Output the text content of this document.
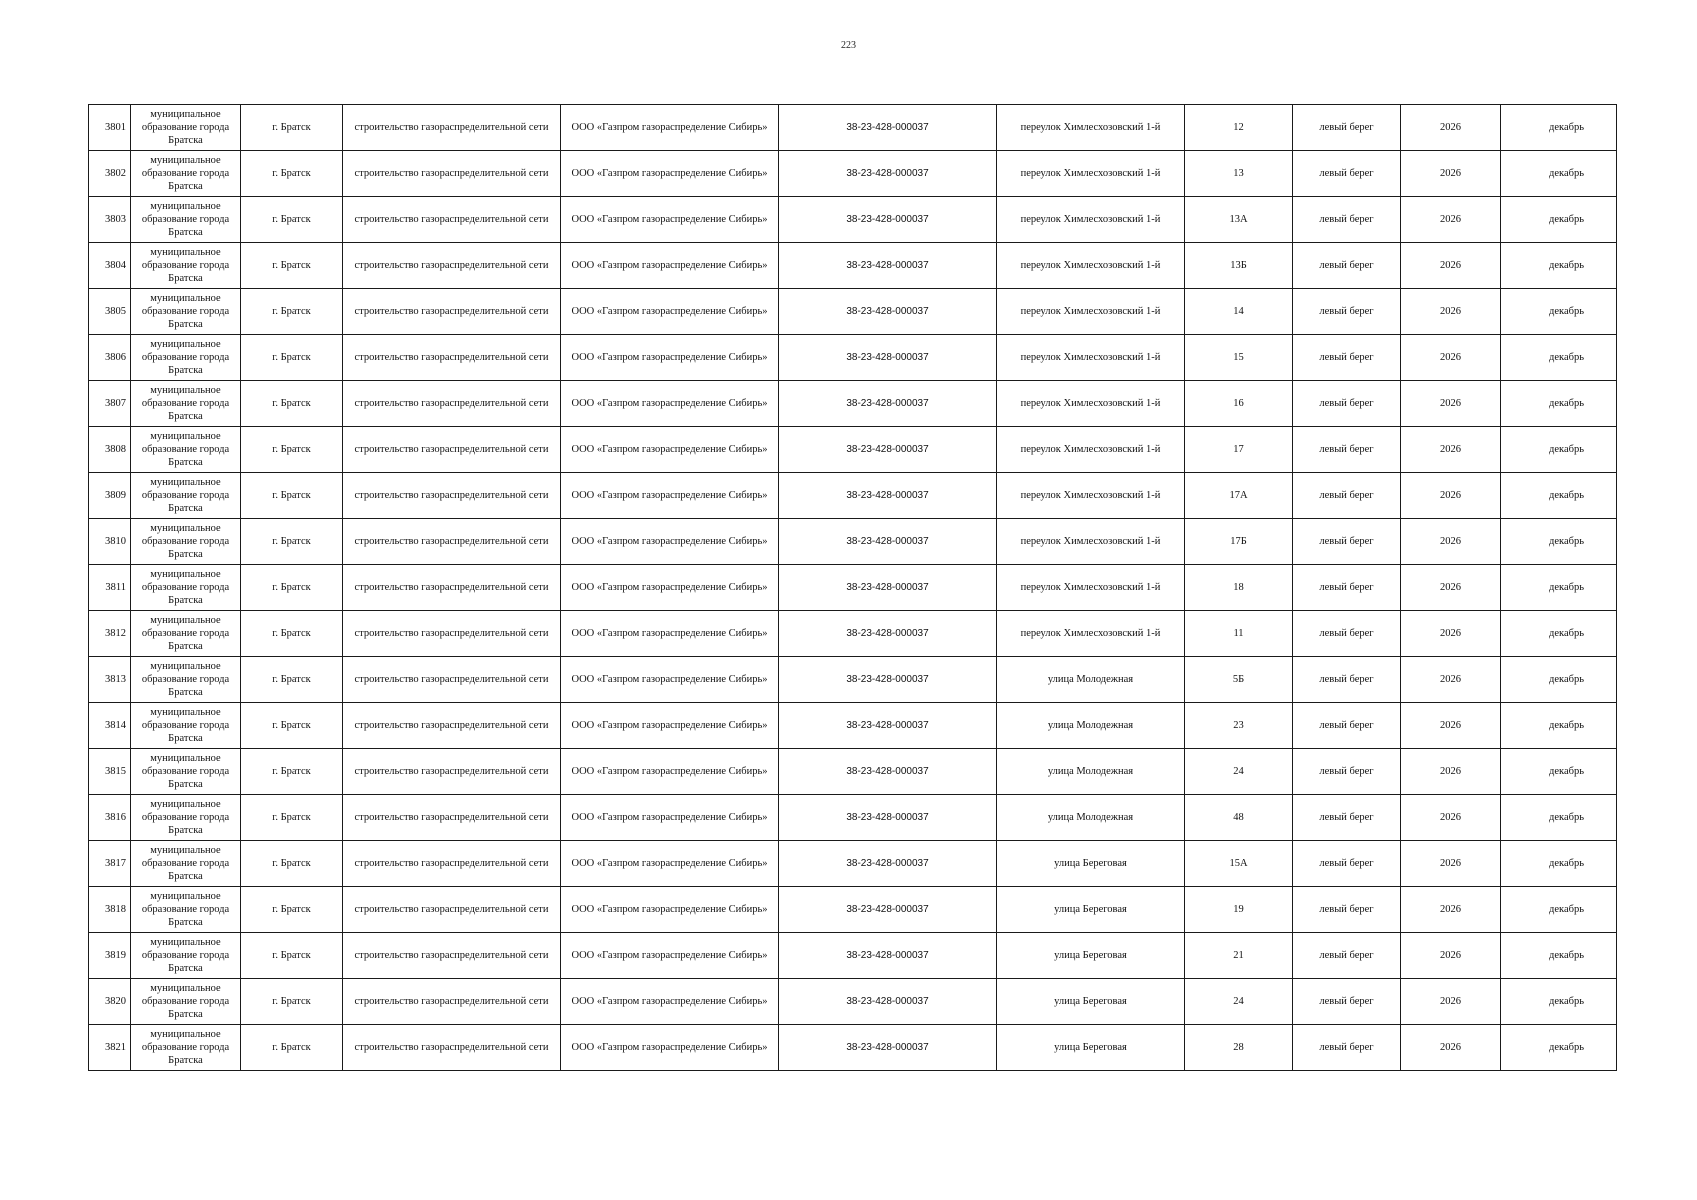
223
3801	муниципальное образование города Братска	г. Братск	строительство газораспределительной сети	ООО «Газпром газораспределение Сибирь»	38-23-428-000037	переулок Химлесхозовский 1-й	12	левый берег	2026	декабрь
3802	муниципальное образование города Братска	г. Братск	строительство газораспределительной сети	ООО «Газпром газораспределение Сибирь»	38-23-428-000037	переулок Химлесхозовский 1-й	13	левый берег	2026	декабрь
3803	муниципальное образование города Братска	г. Братск	строительство газораспределительной сети	ООО «Газпром газораспределение Сибирь»	38-23-428-000037	переулок Химлесхозовский 1-й	13А	левый берег	2026	декабрь
3804	муниципальное образование города Братска	г. Братск	строительство газораспределительной сети	ООО «Газпром газораспределение Сибирь»	38-23-428-000037	переулок Химлесхозовский 1-й	13Б	левый берег	2026	декабрь
3805	муниципальное образование города Братска	г. Братск	строительство газораспределительной сети	ООО «Газпром газораспределение Сибирь»	38-23-428-000037	переулок Химлесхозовский 1-й	14	левый берег	2026	декабрь
3806	муниципальное образование города Братска	г. Братск	строительство газораспределительной сети	ООО «Газпром газораспределение Сибирь»	38-23-428-000037	переулок Химлесхозовский 1-й	15	левый берег	2026	декабрь
3807	муниципальное образование города Братска	г. Братск	строительство газораспределительной сети	ООО «Газпром газораспределение Сибирь»	38-23-428-000037	переулок Химлесхозовский 1-й	16	левый берег	2026	декабрь
3808	муниципальное образование города Братска	г. Братск	строительство газораспределительной сети	ООО «Газпром газораспределение Сибирь»	38-23-428-000037	переулок Химлесхозовский 1-й	17	левый берег	2026	декабрь
3809	муниципальное образование города Братска	г. Братск	строительство газораспределительной сети	ООО «Газпром газораспределение Сибирь»	38-23-428-000037	переулок Химлесхозовский 1-й	17А	левый берег	2026	декабрь
3810	муниципальное образование города Братска	г. Братск	строительство газораспределительной сети	ООО «Газпром газораспределение Сибирь»	38-23-428-000037	переулок Химлесхозовский 1-й	17Б	левый берег	2026	декабрь
3811	муниципальное образование города Братска	г. Братск	строительство газораспределительной сети	ООО «Газпром газораспределение Сибирь»	38-23-428-000037	переулок Химлесхозовский 1-й	18	левый берег	2026	декабрь
3812	муниципальное образование города Братска	г. Братск	строительство газораспределительной сети	ООО «Газпром газораспределение Сибирь»	38-23-428-000037	переулок Химлесхозовский 1-й	11	левый берег	2026	декабрь
3813	муниципальное образование города Братска	г. Братск	строительство газораспределительной сети	ООО «Газпром газораспределение Сибирь»	38-23-428-000037	улица Молодежная	5Б	левый берег	2026	декабрь
3814	муниципальное образование города Братска	г. Братск	строительство газораспределительной сети	ООО «Газпром газораспределение Сибирь»	38-23-428-000037	улица Молодежная	23	левый берег	2026	декабрь
3815	муниципальное образование города Братска	г. Братск	строительство газораспределительной сети	ООО «Газпром газораспределение Сибирь»	38-23-428-000037	улица Молодежная	24	левый берег	2026	декабрь
3816	муниципальное образование города Братска	г. Братск	строительство газораспределительной сети	ООО «Газпром газораспределение Сибирь»	38-23-428-000037	улица Молодежная	48	левый берег	2026	декабрь
3817	муниципальное образование города Братска	г. Братск	строительство газораспределительной сети	ООО «Газпром газораспределение Сибирь»	38-23-428-000037	улица Береговая	15А	левый берег	2026	декабрь
3818	муниципальное образование города Братска	г. Братск	строительство газораспределительной сети	ООО «Газпром газораспределение Сибирь»	38-23-428-000037	улица Береговая	19	левый берег	2026	декабрь
3819	муниципальное образование города Братска	г. Братск	строительство газораспределительной сети	ООО «Газпром газораспределение Сибирь»	38-23-428-000037	улица Береговая	21	левый берег	2026	декабрь
3820	муниципальное образование города Братска	г. Братск	строительство газораспределительной сети	ООО «Газпром газораспределение Сибирь»	38-23-428-000037	улица Береговая	24	левый берег	2026	декабрь
3821	муниципальное образование города Братска	г. Братск	строительство газораспределительной сети	ООО «Газпром газораспределение Сибирь»	38-23-428-000037	улица Береговая	28	левый берег	2026	декабрь
